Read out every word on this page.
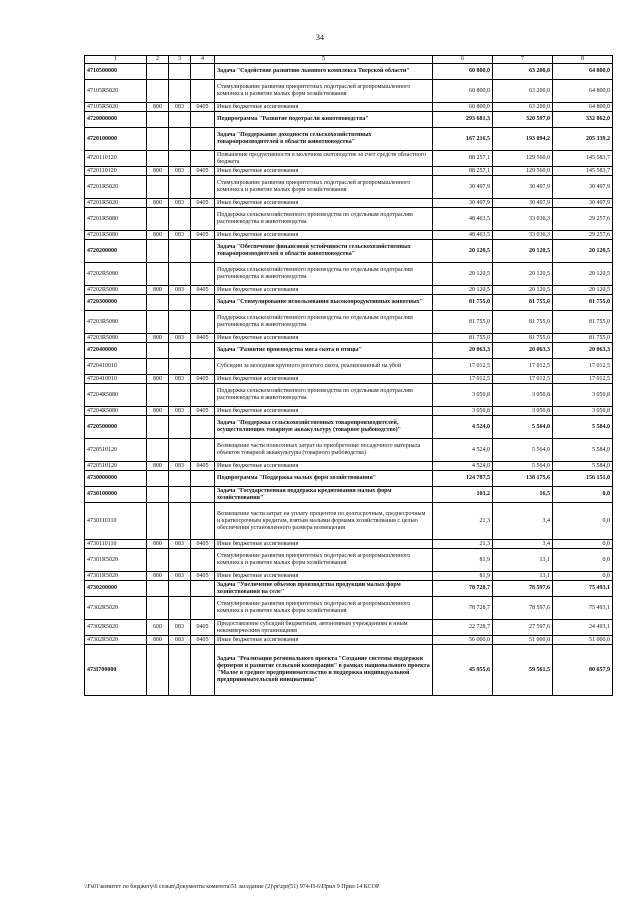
34
1	2	3	4	5	6	7	8
4710500000				Задача "Содействие развитию льняного комплекса Тверской области"	60 800,0	63 200,0	64 800,0
47105R5020				Стимулирование развития приоритетных подотраслей агропромышленного комплекса и развитие малых форм хозяйствования	60 800,0	63 200,0	64 800,0
47105R5020	800	083	0405	Иные бюджетные ассигнования	60 800,0	63 200,0	64 800,0
4720000000				Подпрограмма "Развитие подотрасли животноводства"	293 681,3	320 597,0	332 862,0
4720100000				Задача "Поддержание доходности сельскохозяйственных товаропроизводителей в области животноводства"	167 216,5	193 094,2	205 339,2
4720110120				Повышение продуктивности в молочном скотоводстве за счет средств областного бюджета	88 257,1	129 560,0	145 583,7
4720110120	800	083	0405	Иные бюджетные ассигнования	88 257,1	129 560,0	145 583,7
47201R5020				Стимулирование развития приоритетных подотраслей агропромышленного комплекса и развитие малых форм хозяйствования	30 497,9	30 497,9	30 497,9
47201R5020	800	083	0405	Иные бюджетные ассигнования	30 497,9	30 497,9	30 497,9
47201R5080				Поддержка сельскохозяйственного производства по отдельным подотраслям растениеводства и животноводства	48 463,5	33 036,3	29 257,6
47201R5080	800	083	0405	Иные бюджетные ассигнования	48 463,5	33 036,3	29 257,6
4720200000				Задача "Обеспечение финансовой устойчивости сельскохозяйственных товаропроизводителей в области животноводства"	20 120,5	20 120,5	20 120,5
47202R5080				Поддержка сельскохозяйственного производства по отдельным подотраслям растениеводства и животноводства	20 120,5	20 120,5	20 120,5
47202R5080	800	083	0405	Иные бюджетные ассигнования	20 120,5	20 120,5	20 120,5
4720300000				Задача "Стимулирование использования высокопродуктивных животных"	81 755,0	81 755,0	81 755,0
47203R5080				Поддержка сельскохозяйственного производства по отдельным подотраслям растениеводства и животноводства	81 755,0	81 755,0	81 755,0
47203R5080	800	083	0405	Иные бюджетные ассигнования	81 755,0	81 755,0	81 755,0
4720400000				Задача "Развитие производства мяса скота и птицы"	20 063,3	20 063,3	20 063,3
4720410010				Субсидии за молодняк крупного рогатого скота, реализованный на убой	17 012,5	17 012,5	17 012,5
4720410010	800	083	0405	Иные бюджетные ассигнования	17 012,5	17 012,5	17 012,5
47204R5080				Поддержка сельскохозяйственного производства по отдельным подотраслям растениеводства и животноводства	3 050,8	3 050,8	3 050,8
47204R5080	800	083	0405	Иные бюджетные ассигнования	3 050,8	3 050,8	3 050,8
4720500000				Задача "Поддержка сельскохозяйственных товаропроизводителей, осуществляющих товарную аквакультуру (товарное рыбоводство)"	4 524,0	5 564,0	5 584,0
4720510120				Возмещение части понесенных затрат на приобретение посадочного материала объектов товарной аквакультуры (товарного рыбоводства)	4 524,0	5 564,0	5 584,0
4720510120	800	083	0405	Иные бюджетные ассигнования	4 524,0	5 564,0	5 584,0
4730000000				Подпрограмма "Поддержка малых форм хозяйствования"	124 787,5	138 175,6	156 151,0
4730100000				Задача "Государственная поддержка кредитования малых форм хозяйствования"	103,2	16,5	0,0
4730110110				Возмещение части затрат на уплату процентов по долгосрочным, среднесрочным и краткосрочным кредитам, взятым малыми формами хозяйствования с целью обеспечения установленного размера возмещения	21,3	3,4	0,0
4730110110	800	083	0405	Иные бюджетные ассигнования	21,3	3,4	0,0
47301R5020				Стимулирование развития приоритетных подотраслей агропромышленного комплекса и развитие малых форм хозяйствования	81,9	13,1	0,0
47301R5020	800	083	0405	Иные бюджетные ассигнования	81,9	13,1	0,0
4730200000				Задача "Увеличение объемов производства продукции малых форм хозяйствования на селе"	78 728,7	78 597,6	75 493,1
47302R5020				Стимулирование развития приоритетных подотраслей агропромышленного комплекса и развитие малых форм хозяйствования	78 728,7	78 597,6	75 493,1
47302R5020	600	083	0405	Предоставление субсидий бюджетным, автономным учреждениям и иным некоммерческим организациям	22 728,7	27 597,6	24 493,1
47302R5020	800	083	0405	Иные бюджетные ассигнования	56 000,0	51 000,0	51 000,0
473I700000				Задача "Реализация регионального проекта "Создание системы поддержки фермеров и развитие сельской кооперации" в рамках национального проекта "Малое и среднее предпринимательство и поддержка индивидуальной предпринимательской инициативы"	45 955,6	59 561,5	80 657,9
\\Fs01\комитет по бюджету\6 созыв\Документы комитета\51 заседание (2)\pr\zpr(51) 974-П-6\Прил 9 Прил 14 КСОР
